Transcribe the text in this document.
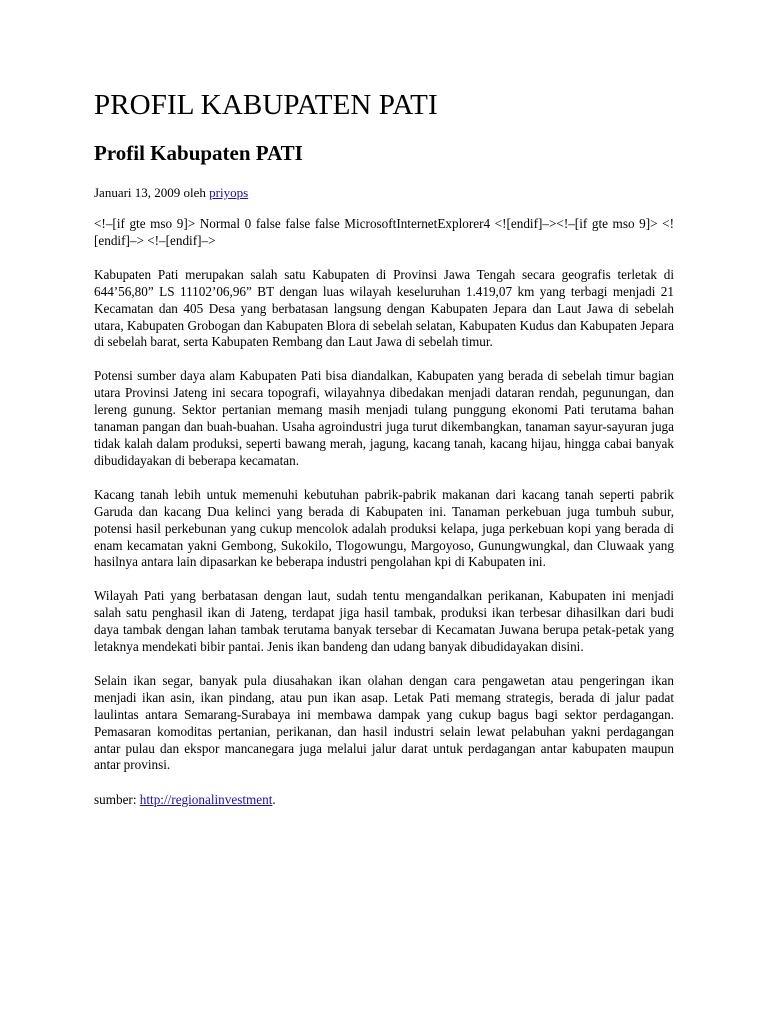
PROFIL KABUPATEN PATI
Profil Kabupaten PATI

Januari 13, 2009 oleh priyops

<!–[if gte mso 9]> Normal 0 false false false MicrosoftInternetExplorer4 <![endif]–><!–[if gte mso 9]> <![endif]–> <!–[endif]–>

Kabupaten Pati merupakan salah satu Kabupaten di Provinsi Jawa Tengah secara geografis terletak di 644’56,80” LS 11102’06,96” BT dengan luas wilayah keseluruhan 1.419,07 km yang terbagi menjadi 21 Kecamatan dan 405 Desa yang berbatasan langsung dengan Kabupaten Jepara dan Laut Jawa di sebelah utara, Kabupaten Grobogan dan Kabupaten Blora di sebelah selatan, Kabupaten Kudus dan Kabupaten Jepara di sebelah barat, serta Kabupaten Rembang dan Laut Jawa di sebelah timur.

Potensi sumber daya alam Kabupaten Pati bisa diandalkan, Kabupaten yang berada di sebelah timur bagian utara Provinsi Jateng ini secara topografi, wilayahnya dibedakan menjadi dataran rendah, pegunungan, dan lereng gunung. Sektor pertanian memang masih menjadi tulang punggung ekonomi Pati terutama bahan tanaman pangan dan buah-buahan. Usaha agroindustri juga turut dikembangkan, tanaman sayur-sayuran juga tidak kalah dalam produksi, seperti bawang merah, jagung, kacang tanah, kacang hijau, hingga cabai banyak dibudidayakan di beberapa kecamatan.

Kacang tanah lebih untuk memenuhi kebutuhan pabrik-pabrik makanan dari kacang tanah seperti pabrik Garuda dan kacang Dua kelinci yang berada di Kabupaten ini. Tanaman perkebuan juga tumbuh subur, potensi hasil perkebunan yang cukup mencolok adalah produksi kelapa, juga perkebuan kopi yang berada di enam kecamatan yakni Gembong, Sukokilo, Tlogowungu, Margoyoso, Gunungwungkal, dan Cluwaak yang hasilnya antara lain dipasarkan ke beberapa industri pengolahan kpi di Kabupaten ini.

Wilayah Pati yang berbatasan dengan laut, sudah tentu mengandalkan perikanan, Kabupaten ini menjadi salah satu penghasil ikan di Jateng, terdapat jiga hasil tambak, produksi ikan terbesar dihasilkan dari budi daya tambak dengan lahan tambak terutama banyak tersebar di Kecamatan Juwana berupa petak-petak yang letaknya mendekati bibir pantai. Jenis ikan bandeng dan udang banyak dibudidayakan disini.

Selain ikan segar, banyak pula diusahakan ikan olahan dengan cara pengawetan atau pengeringan ikan menjadi ikan asin, ikan pindang, atau pun ikan asap. Letak Pati memang strategis, berada di jalur padat laulintas antara Semarang-Surabaya ini membawa dampak yang cukup bagus bagi sektor perdagangan. Pemasaran komoditas pertanian, perikanan, dan hasil industri selain lewat pelabuhan yakni perdagangan antar pulau dan ekspor mancanegara juga melalui jalur darat untuk perdagangan antar kabupaten maupun antar provinsi.

sumber: http://regionalinvestment.
